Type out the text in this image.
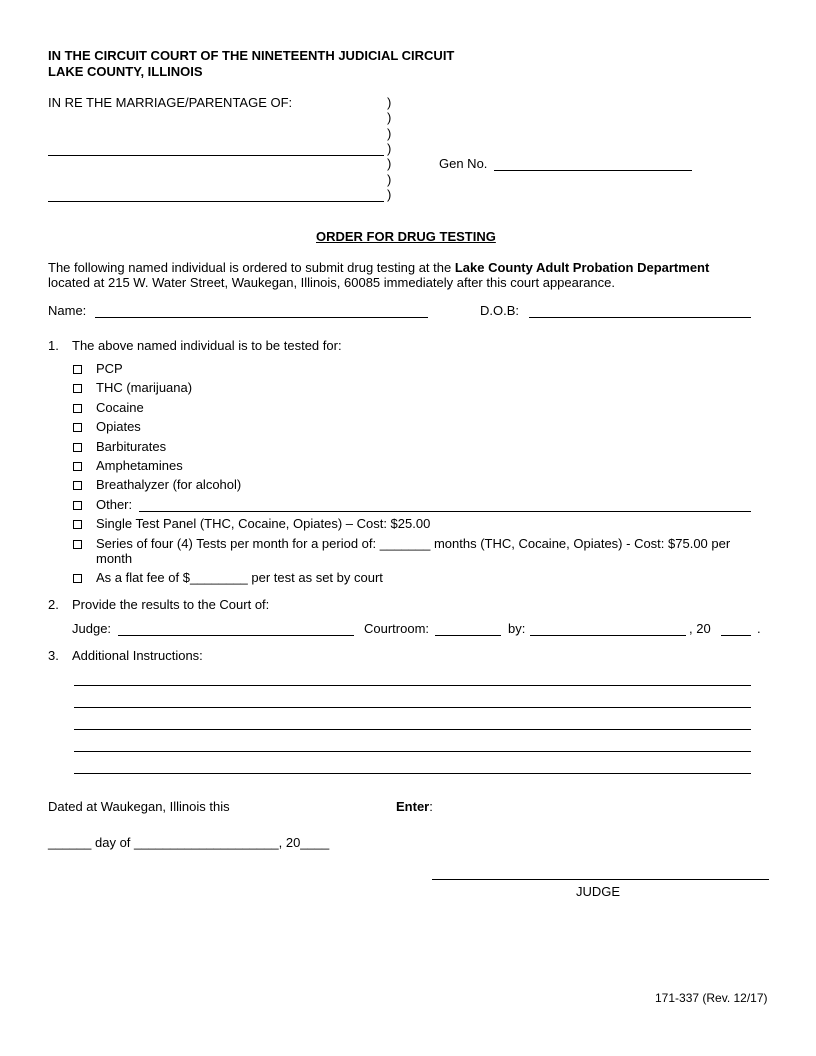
IN THE CIRCUIT COURT OF THE NINETEENTH JUDICIAL CIRCUIT
LAKE COUNTY, ILLINOIS
IN RE THE MARRIAGE/PARENTAGE OF:	)
)
)
)
)
)
)
Gen No.
ORDER FOR DRUG TESTING
The following named individual is ordered to submit drug testing at the Lake County Adult Probation Department
located at 215 W. Water Street, Waukegan, Illinois, 60085 immediately after this court appearance.
Name:	D.O.B:
1. The above named individual is to be tested for:
PCP
THC (marijuana)
Cocaine
Opiates
Barbiturates
Amphetamines
Breathalyzer (for alcohol)
Other:
Single Test Panel (THC, Cocaine, Opiates) – Cost: $25.00
Series of four (4) Tests per month for a period of: _______ months (THC, Cocaine, Opiates) - Cost: $75.00 per
month
As a flat fee of $________ per test as set by court
2. Provide the results to the Court of:
Judge:	Courtroom:	by:	, 20	.
3. Additional Instructions:
Dated at Waukegan, Illinois this	Enter:
______ day of ____________________, 20____
JUDGE
171-337 (Rev. 12/17)
